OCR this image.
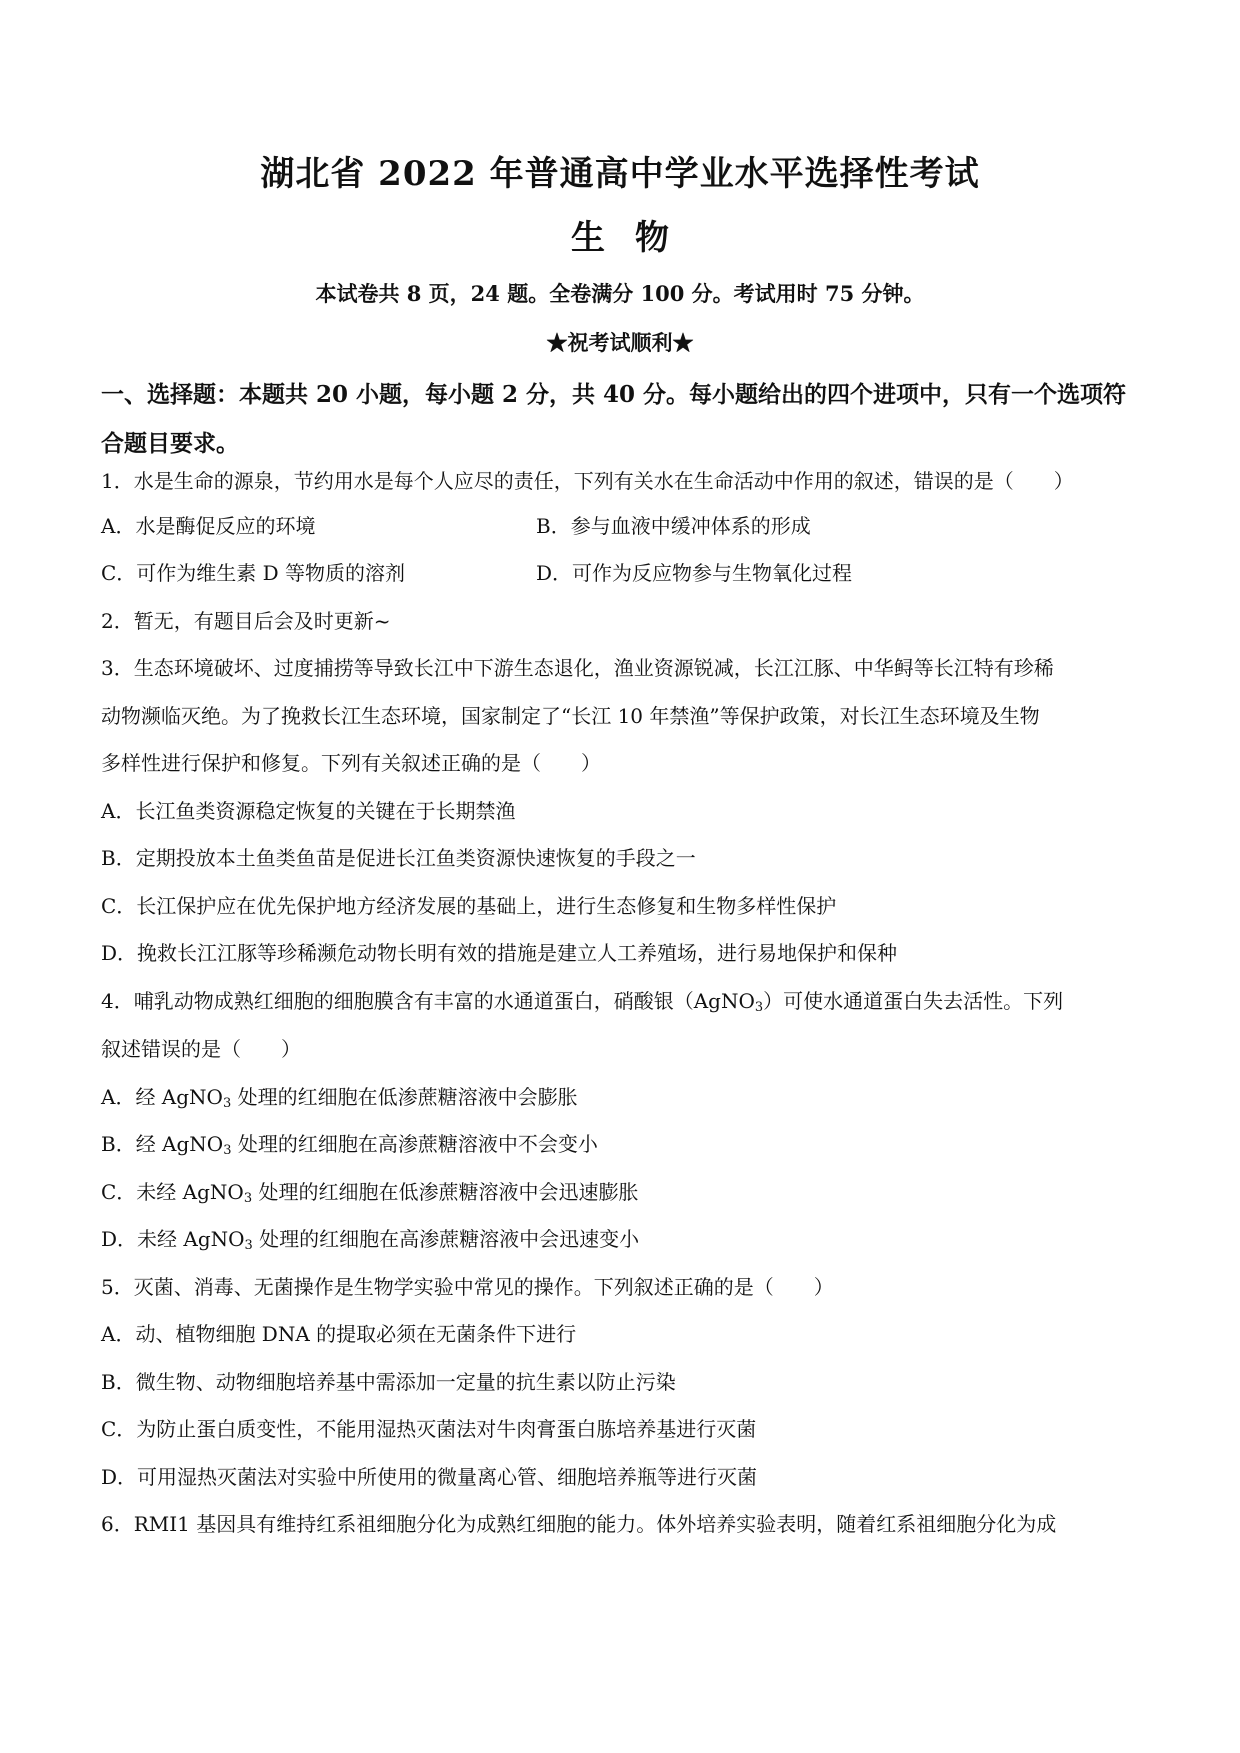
湖北省 2022 年普通高中学业水平选择性考试
生物
本试卷共 8 页，24 题。全卷满分 100 分。考试用时 75 分钟。
★祝考试顺利★
一、选择题：本题共 20 小题，每小题 2 分，共 40 分。每小题给出的四个进项中，只有一个选项符合题目要求。
1．水是生命的源泉，节约用水是每个人应尽的责任，下列有关水在生命活动中作用的叙述，错误的是（　　）
A．水是酶促反应的环境	B．参与血液中缓冲体系的形成
C．可作为维生素 D 等物质的溶剂	D．可作为反应物参与生物氧化过程
2．暂无，有题目后会及时更新~
3．生态环境破坏、过度捕捞等导致长江中下游生态退化，渔业资源锐减，长江江豚、中华鲟等长江特有珍稀
动物濒临灭绝。为了挽救长江生态环境，国家制定了“长江 10 年禁渔”等保护政策，对长江生态环境及生物
多样性进行保护和修复。下列有关叙述正确的是（　　）
A．长江鱼类资源稳定恢复的关键在于长期禁渔
B．定期投放本土鱼类鱼苗是促进长江鱼类资源快速恢复的手段之一
C．长江保护应在优先保护地方经济发展的基础上，进行生态修复和生物多样性保护
D．挽救长江江豚等珍稀濒危动物长明有效的措施是建立人工养殖场，进行易地保护和保种
4．哺乳动物成熟红细胞的细胞膜含有丰富的水通道蛋白，硝酸银（AgNO$_3$）可使水通道蛋白失去活性。下列
叙述错误的是（　　）
A．经 AgNO$_3$ 处理的红细胞在低渗蔗糖溶液中会膨胀
B．经 AgNO$_3$ 处理的红细胞在高渗蔗糖溶液中不会变小
C．未经 AgNO$_3$ 处理的红细胞在低渗蔗糖溶液中会迅速膨胀
D．未经 AgNO$_3$ 处理的红细胞在高渗蔗糖溶液中会迅速变小
5．灭菌、消毒、无菌操作是生物学实验中常见的操作。下列叙述正确的是（　　）
A．动、植物细胞 DNA 的提取必须在无菌条件下进行
B．微生物、动物细胞培养基中需添加一定量的抗生素以防止污染
C．为防止蛋白质变性，不能用湿热灭菌法对牛肉膏蛋白胨培养基进行灭菌
D．可用湿热灭菌法对实验中所使用的微量离心管、细胞培养瓶等进行灭菌
6．RMI1 基因具有维持红系祖细胞分化为成熟红细胞的能力。体外培养实验表明，随着红系祖细胞分化为成
